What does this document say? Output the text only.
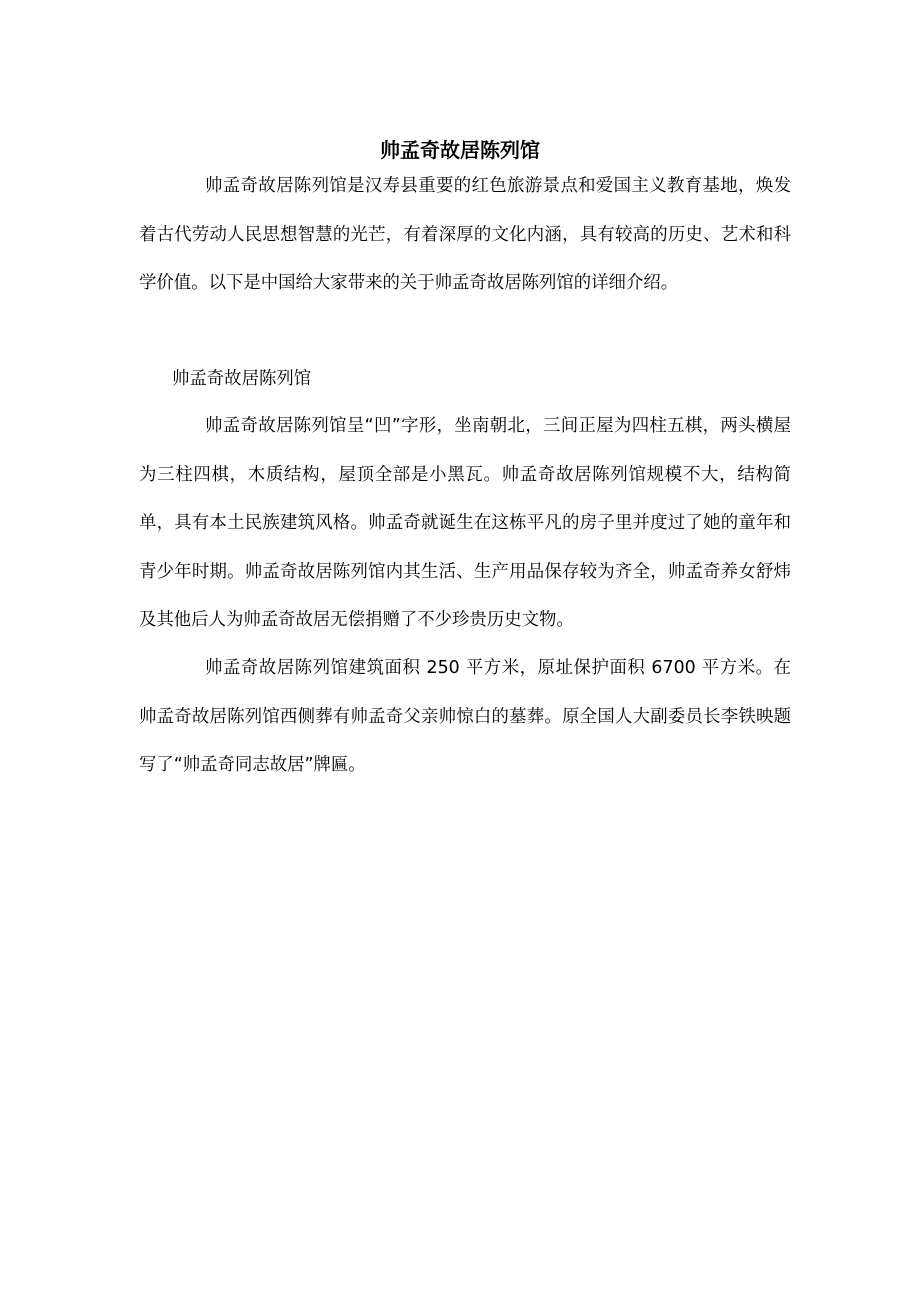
帅孟奇故居陈列馆

帅孟奇故居陈列馆是汉寿县重要的红色旅游景点和爱国主义教育基地，焕发着古代劳动人民思想智慧的光芒，有着深厚的文化内涵，具有较高的历史、艺术和科学价值。以下是中国给大家带来的关于帅孟奇故居陈列馆的详细介绍。

帅孟奇故居陈列馆

帅孟奇故居陈列馆呈“凹”字形，坐南朝北，三间正屋为四柱五棋，两头横屋为三柱四棋，木质结构，屋顶全部是小黑瓦。帅孟奇故居陈列馆规模不大，结构简单，具有本土民族建筑风格。帅孟奇就诞生在这栋平凡的房子里并度过了她的童年和青少年时期。帅孟奇故居陈列馆内其生活、生产用品保存较为齐全，帅孟奇养女舒炜及其他后人为帅孟奇故居无偿捐赠了不少珍贵历史文物。

帅孟奇故居陈列馆建筑面积 250 平方米，原址保护面积 6700 平方米。在帅孟奇故居陈列馆西侧葬有帅孟奇父亲帅惊白的墓葬。原全国人大副委员长李铁映题写了“帅孟奇同志故居”牌匾。
